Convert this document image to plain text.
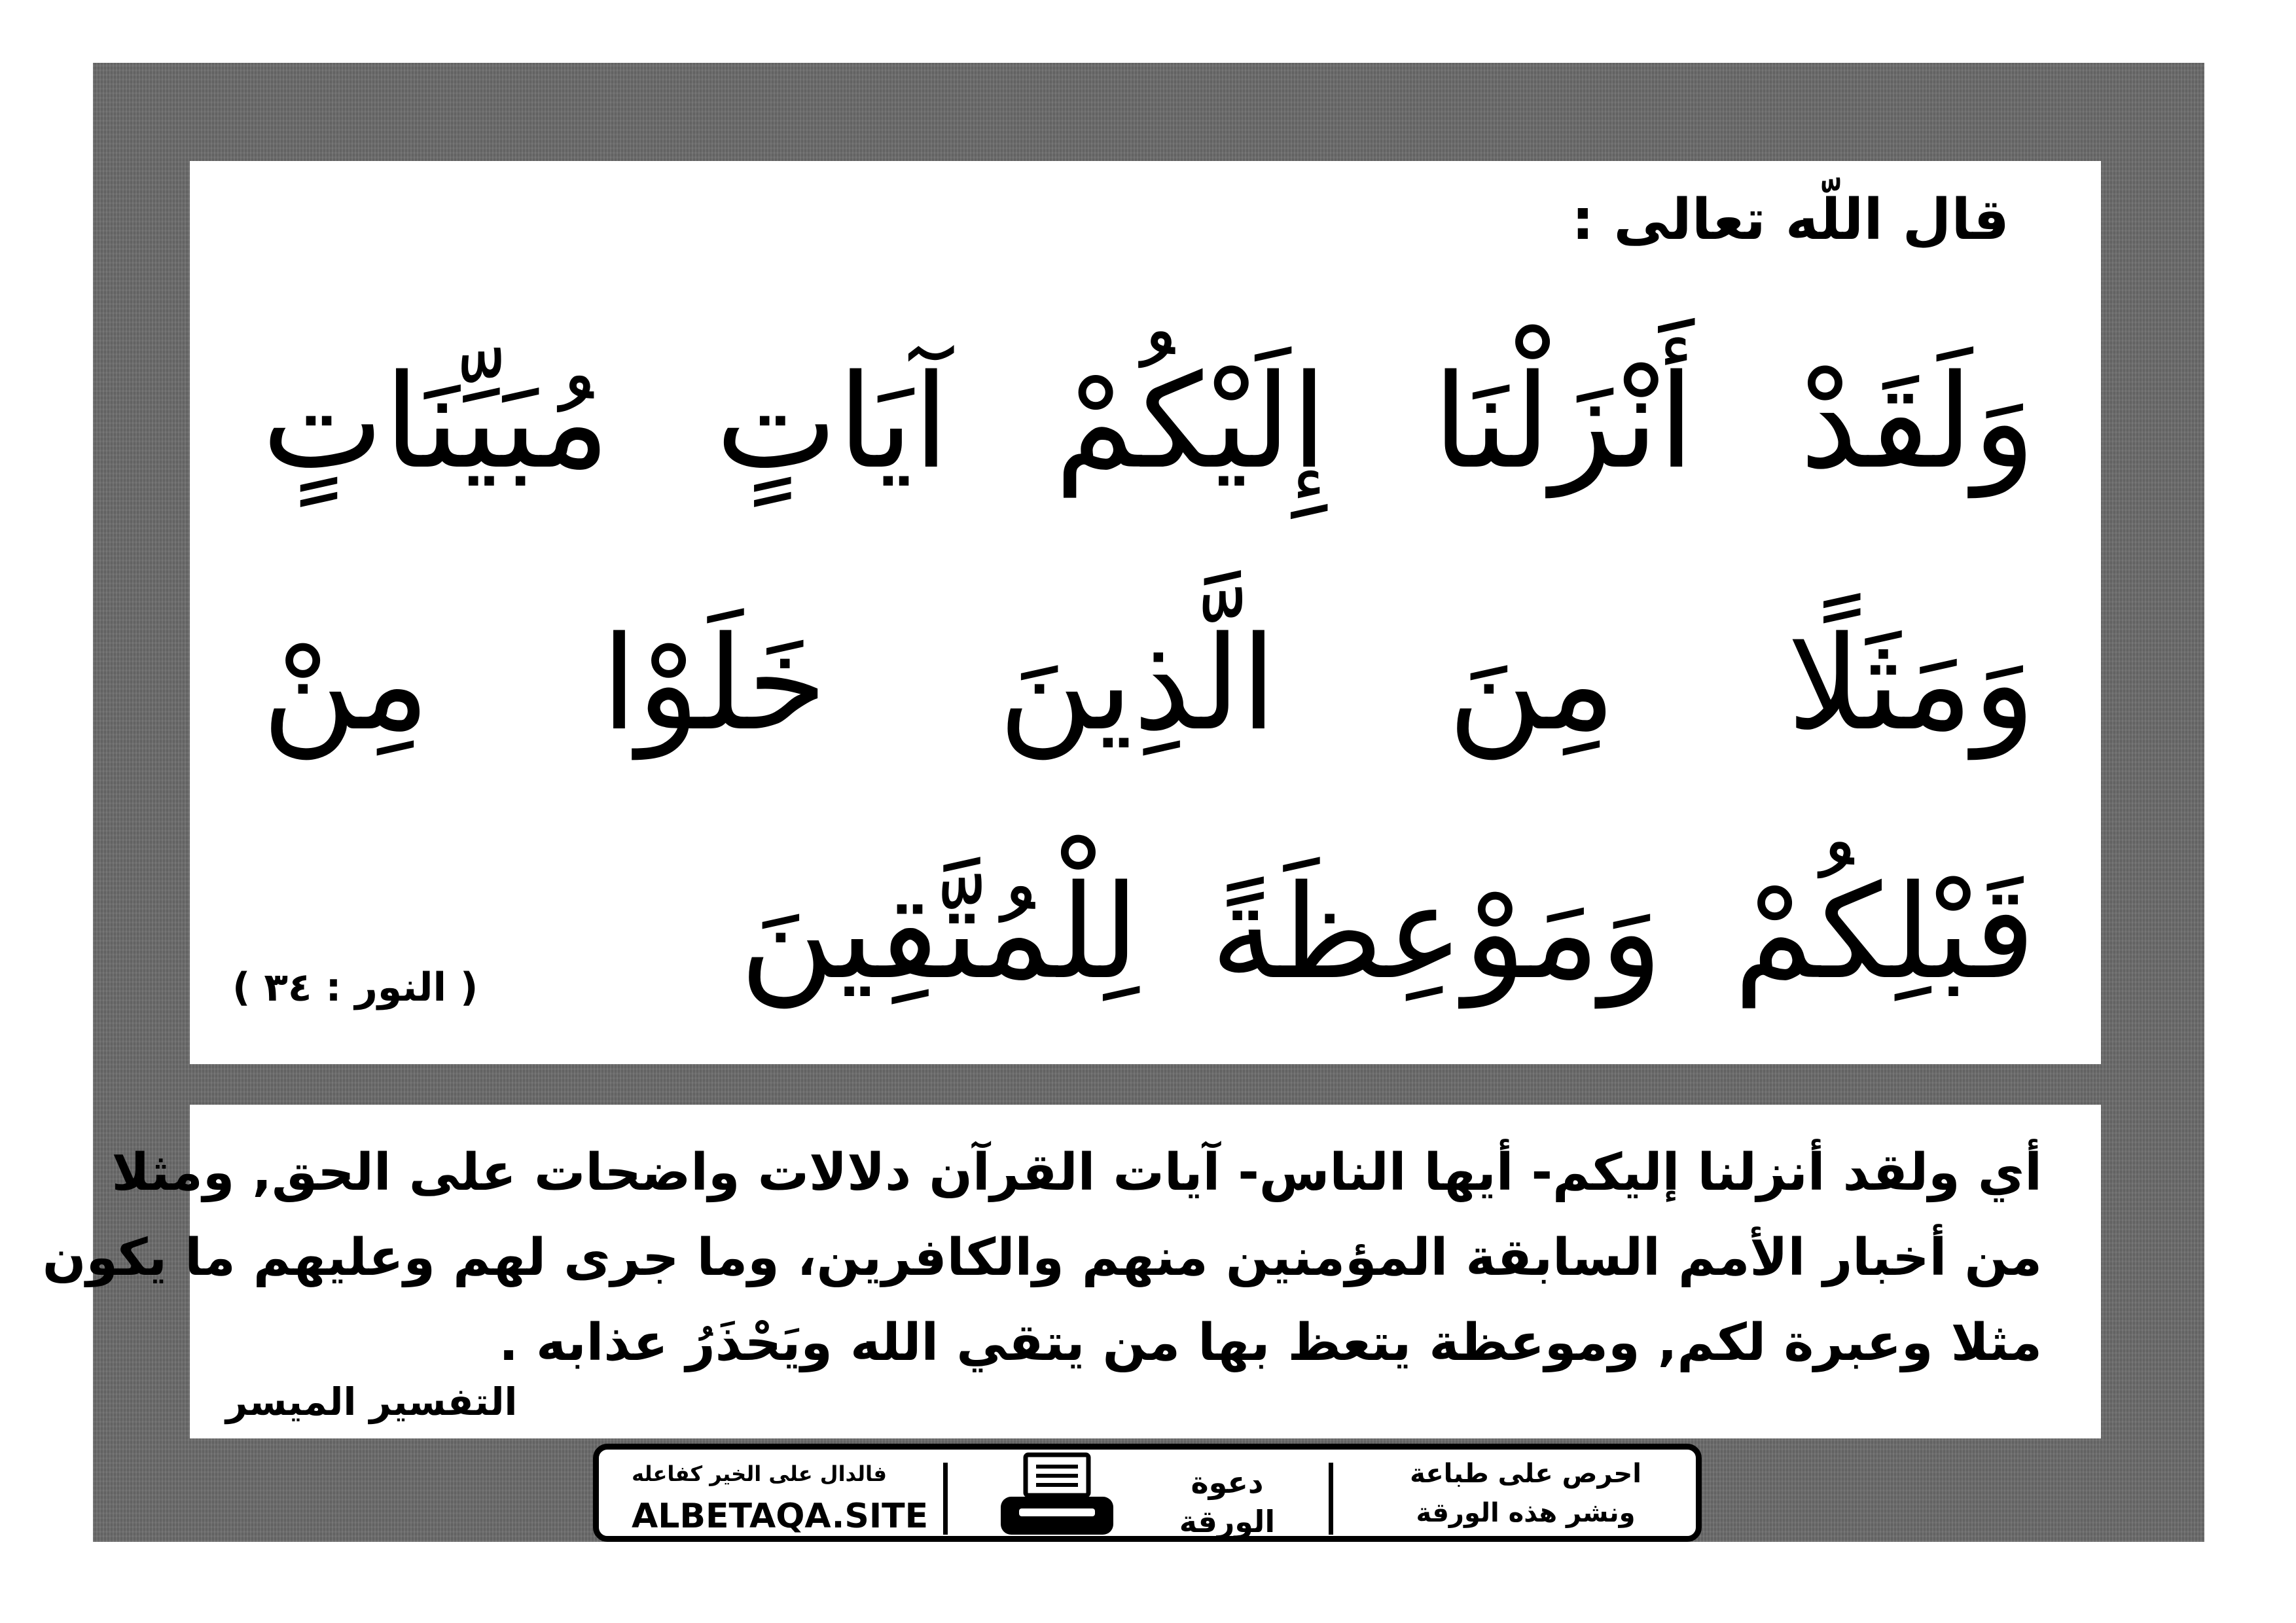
قال اللّه تعالى :
وَلَقَدْ أَنْزَلْنَا إِلَيْكُمْ آيَاتٍ مُبَيِّنَاتٍ
وَمَثَلًا مِنَ الَّذِينَ خَلَوْا مِنْ
قَبْلِكُمْ وَمَوْعِظَةً لِلْمُتَّقِينَ
( النور : ٣٤ )
أي ولقد أنزلنا إليكم- أيها الناس- آيات القرآن دلالات واضحات على الحق, ومثلا
من أخبار الأمم السابقة المؤمنين منهم والكافرين، وما جرى لهم وعليهم ما يكون
مثلا وعبرة لكم, وموعظة يتعظ بها من يتقي الله ويَحْذَرُ عذابه .
التفسير الميسر
فالدال على الخير كفاعله
ALBETAQA.SITE
دعوة
الورقة
احرص على طباعة
ونشر هذه الورقة
